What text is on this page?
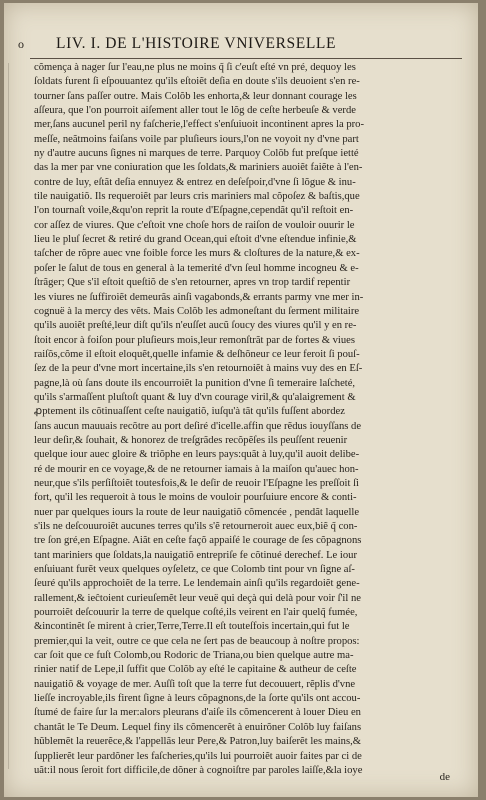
o LIV. I. DE L'HISTOIRE VNIVERSELLE
cõmença à nager ſur l'eau,ne plus ne moins q̃ ſi c'euſt eſté vn pré, dequoy les
ſoldats furent ſi eſpouuantez qu'ils eſtoiẽt deſia en doute s'ils deuoient s'en re-
tourner ſans paſſer outre. Mais Colõb les enhorta,& leur donnant courage les
aſſeura, que l'on pourroit aiſement aller tout le lõg de ceſte herbeuſe & verde
mer,ſans aucunel peril ny faſcherie,l'effect s'enſuiuoit incontinent apres la pro-
meſſe, neãtmoins faiſans voile par pluſieurs iours,l'on ne voyoit ny d'vne part
ny d'autre aucuns ſignes ni marques de terre. Parquoy Colõb fut preſque ietté
das la mer par vne coniuration que les ſoldats,& mariniers auoiẽt faiẽte à l'en-
contre de luy, eſtãt deſia ennuyez & entrez en deſeſpoir,d'vne ſi lõgue & inu-
tile nauigatiõ. Ils requeroiẽt par leurs cris mariniers mal cõpoſez & baſtis,que
l'on tournaſt voile,&qu'on reprit la route d'Eſpagne,cependãt qu'il reſtoit en-
cor aſſez de viures. Que c'eſtoit vne choſe hors de raiſon de vouloir ouurir le
lieu le pluſ ſecret & retiré du grand Ocean,qui eſtoit d'vne eſtendue infinie,&
taſcher de rõpre auec vne foible force les murs & cloſtures de la nature,& ex-
poſer le ſalut de tous en general à la temerité d'vn ſeul homme incogneu & e-
ſtrãger; Que s'il eſtoit queſtiõ de s'en retourner, apres vn trop tardif repentir
les viures ne ſuffiroiẽt demeurãs ainſi vagabonds,& errants parmy vne mer in-
cognuë à la mercy des vẽts. Mais Colõb les admoneſtant du ſerment militaire
qu'ils auoiẽt preſté,leur diſt qu'ils n'euſſet aucũ ſoucy des viures qu'il y en re-
ſtoit encor à foiſon pour pluſieurs mois,leur remonſtrãt par de fortes & viues
raiſõs,cõme il eſtoit eloquẽt,quelle infamie & deſhõneur ce leur feroit ſi pouſ-
ſez de la peur d'vne mort incertaine,ils s'en retournoiẽt à mains vuy des en Eſ-
pagne,là où ſans doute ils encourroiẽt la punition d'vne ſi temeraire laſcheté,
qu'ils s'armaſſent pluſtoſt quant & luy d'vn courage viril,& qu'alaigrement &
ꝓptement ils cõtinuaſſent ceſte nauigatiõ, iuſqu'à tãt qu'ils fuſſent abordez
ſans aucun mauuais recõtre au port deſiré d'icelle.affin que rẽdus iouyſſans de
leur deſir,& ſouhait, & honorez de treſgrãdes recõpẽſes ils peuſſent reuenir
quelque iour auec gloire & triõphe en leurs pays:quãt à luy,qu'il auoit delibe-
ré de mourir en ce voyage,& de ne retourner iamais à la maiſon qu'auec hon-
neur,que s'ils perſiſtoiẽt toutesfois,& le deſir de reuoir l'Eſpagne les preſſoit ſi
fort, qu'il les requeroit à tous le moins de vouloir pourſuiure encore & conti-
nuer par quelques iours la route de leur nauigatiõ cõmencée , pendãt laquelle
s'ils ne deſcouuroiẽt aucunes terres qu'ils s'ẽ retourneroit auec eux,biẽ q̃ con-
tre ſon gré,en Eſpagne. Aiãt en ceſte façõ appaiſé le courage de ſes cõpagnons
tant mariniers que ſoldats,la nauigatiõ entrepriſe fe cõtinué derechef. Le iour
enſuiuant furẽt veux quelques oyſeletz, ce que Colomb tint pour vn ſigne aſ-
ſeuré qu'ils approchoiẽt de la terre. Le lendemain ainſi qu'ils regardoiẽt gene-
rallement,& ieĉtoient curieuſemẽt leur veuë qui deçà qui delà pour voir ſ'il ne
pourroiẽt deſcouurir la terre de quelque coſté,ils veirent en l'air quelq̃ fumée,
&incontinẽt ſe mirent à crier,Terre,Terre.Il eſt touteſfois incertain,qui fut le
premier,qui la veit, outre ce que cela ne ſert pas de beaucoup à noſtre propos:
car ſoit que ce fuſt Colomb,ou Rodoric de Triana,ou bien quelque autre ma-
rinier natif de Lepe,il ſuffit que Colõb ay eſté le capitaine & autheur de ceſte
nauigatiõ & voyage de mer. Auſſi toſt que la terre fut decouuert, rẽplis d'vne
lieſſe incroyable,ils firent ſigne à leurs cõpagnons,de la ſorte qu'ils ont accou-
ſtumé de faire ſur la mer:alors pleurans d'aiſe ils cõmencerent à louer Dieu en
chantãt le Te Deum. Lequel finy ils cõmencerẽt à enuirõner Colõb luy faiſans
hũblemẽt la reuerẽce,& l'appellãs leur Pere,& Patron,luy baiſerẽt les mains,&
ſupplierẽt leur pardõner les faſcheries,qu'ils lui pourroiẽt auoir faites par ci de
uãt:il nous ſeroit fort difficile,de dõner à cognoiſtre par paroles laiſſe,&la ioye
de
